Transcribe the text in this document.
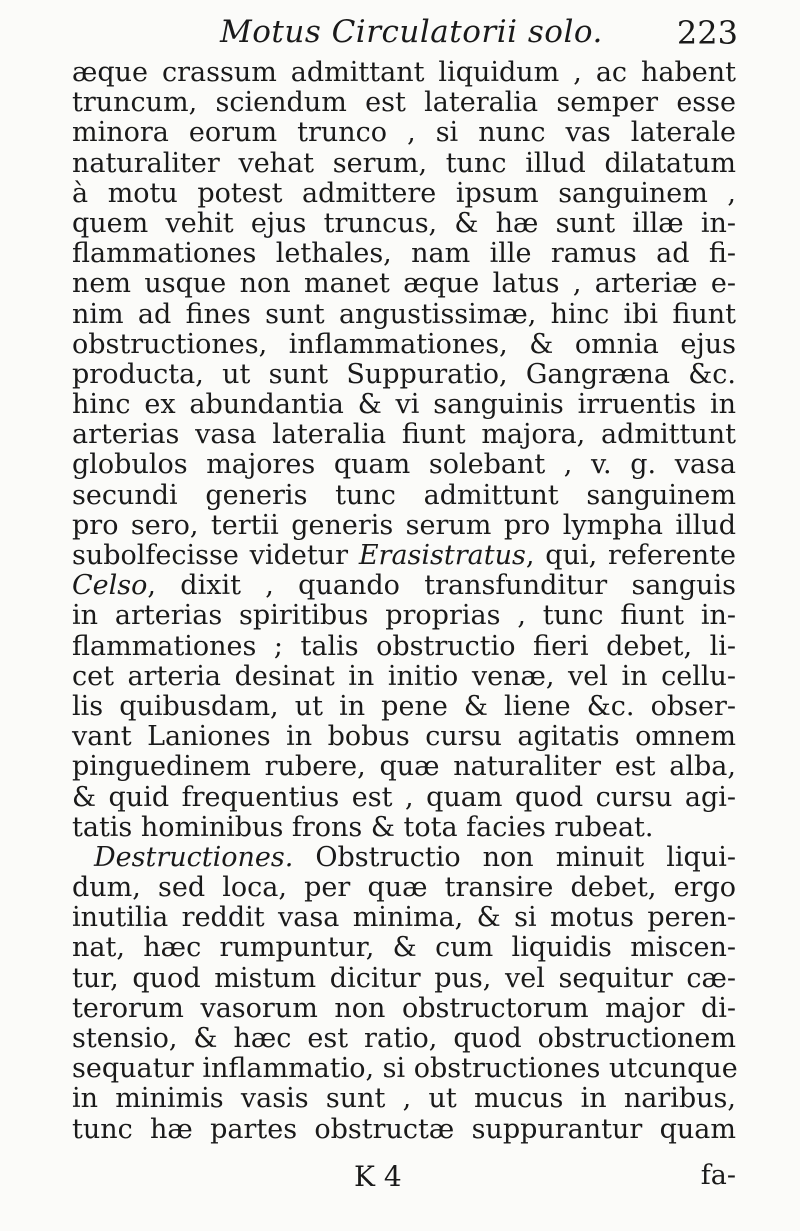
Motus Circulatorii solo. 223
æque crassum admittant liquidum , ac habent
truncum, sciendum est lateralia semper esse
minora eorum trunco , si nunc vas laterale
naturaliter vehat serum, tunc illud dilatatum
à motu potest admittere ipsum sanguinem ,
quem vehit ejus truncus, & hæ sunt illæ in-
flammationes lethales, nam ille ramus ad fi-
nem usque non manet æque latus , arteriæ e-
nim ad fines sunt angustissimæ, hinc ibi fiunt
obstructiones, inflammationes, & omnia ejus
producta, ut sunt Suppuratio, Gangræna &c.
hinc ex abundantia & vi sanguinis irruentis in
arterias vasa lateralia fiunt majora, admittunt
globulos majores quam solebant , v. g. vasa
secundi generis tunc admittunt sanguinem
pro sero, tertii generis serum pro lympha illud
subolfecisse videtur Erasistratus, qui, referente
Celso, dixit , quando transfunditur sanguis
in arterias spiritibus proprias , tunc fiunt in-
flammationes ; talis obstructio fieri debet, li-
cet arteria desinat in initio venæ, vel in cellu-
lis quibusdam, ut in pene & liene &c. obser-
vant Laniones in bobus cursu agitatis omnem
pinguedinem rubere, quæ naturaliter est alba,
& quid frequentius est , quam quod cursu agi-
tatis hominibus frons & tota facies rubeat.
Destructiones. Obstructio non minuit liqui-
dum, sed loca, per quæ transire debet, ergo
inutilia reddit vasa minima, & si motus peren-
nat, hæc rumpuntur, & cum liquidis miscen-
tur, quod mistum dicitur pus, vel sequitur cæ-
terorum vasorum non obstructorum major di-
stensio, & hæc est ratio, quod obstructionem
sequatur inflammatio, si obstructiones utcunque
in minimis vasis sunt , ut mucus in naribus,
tunc hæ partes obstructæ suppurantur quam
K 4	fa-
